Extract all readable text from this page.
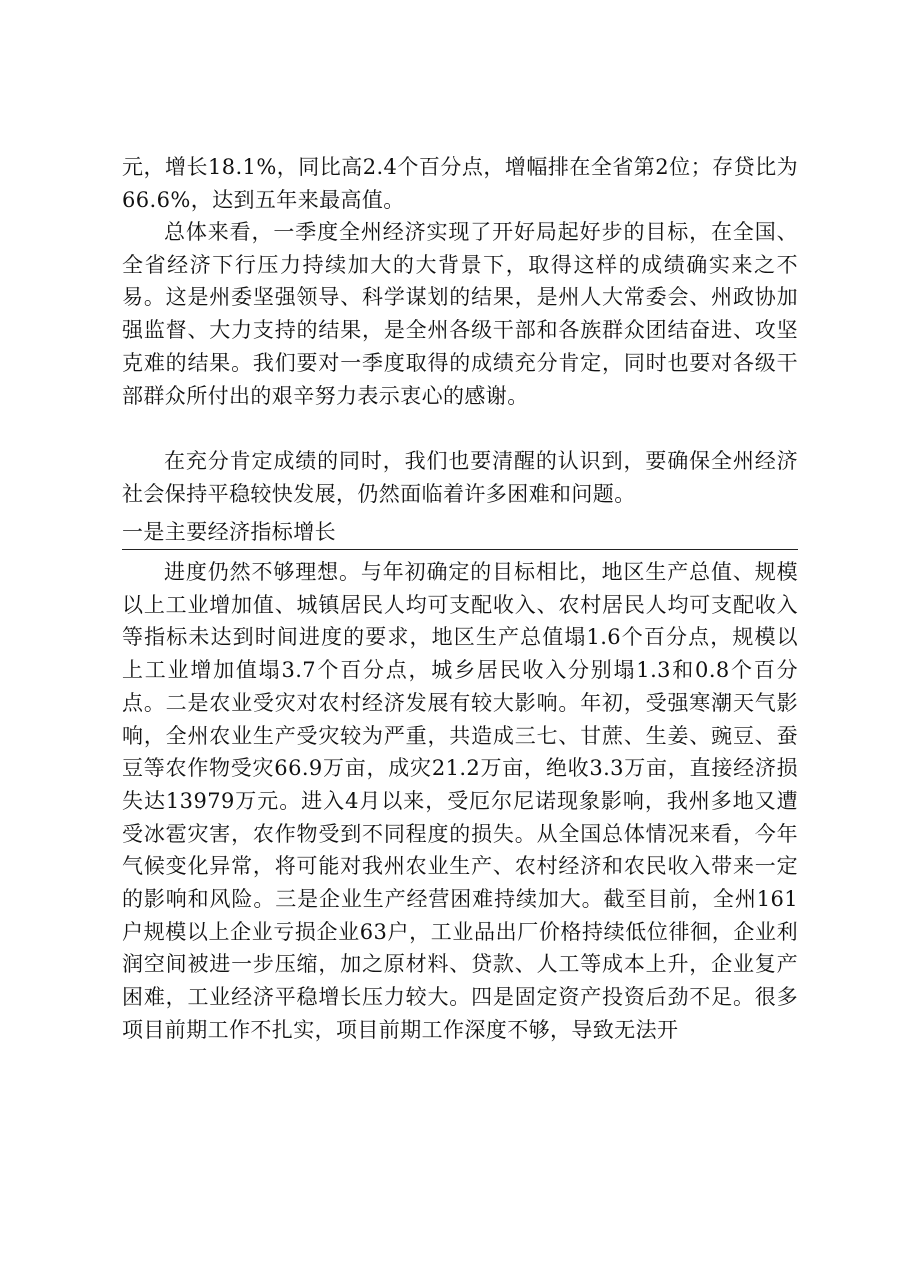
元，增长18.1%，同比高2.4个百分点，增幅排在全省第2位；存贷比为66.6%，达到五年来最高值。

总体来看，一季度全州经济实现了开好局起好步的目标，在全国、全省经济下行压力持续加大的大背景下，取得这样的成绩确实来之不易。这是州委坚强领导、科学谋划的结果，是州人大常委会、州政协加强监督、大力支持的结果，是全州各级干部和各族群众团结奋进、攻坚克难的结果。我们要对一季度取得的成绩充分肯定，同时也要对各级干部群众所付出的艰辛努力表示衷心的感谢。

在充分肯定成绩的同时，我们也要清醒的认识到，要确保全州经济社会保持平稳较快发展，仍然面临着许多困难和问题。

一是主要经济指标增长

进度仍然不够理想。与年初确定的目标相比，地区生产总值、规模以上工业增加值、城镇居民人均可支配收入、农村居民人均可支配收入等指标未达到时间进度的要求，地区生产总值塌1.6个百分点，规模以上工业增加值塌3.7个百分点，城乡居民收入分别塌1.3和0.8个百分点。二是农业受灾对农村经济发展有较大影响。年初，受强寒潮天气影响，全州农业生产受灾较为严重，共造成三七、甘蔗、生姜、豌豆、蚕豆等农作物受灾66.9万亩，成灾21.2万亩，绝收3.3万亩，直接经济损失达13979万元。进入4月以来，受厄尔尼诺现象影响，我州多地又遭受冰雹灾害，农作物受到不同程度的损失。从全国总体情况来看，今年气候变化异常，将可能对我州农业生产、农村经济和农民收入带来一定的影响和风险。三是企业生产经营困难持续加大。截至目前，全州161户规模以上企业亏损企业63户，工业品出厂价格持续低位徘徊，企业利润空间被进一步压缩，加之原材料、贷款、人工等成本上升，企业复产困难，工业经济平稳增长压力较大。四是固定资产投资后劲不足。很多项目前期工作不扎实，项目前期工作深度不够，导致无法开
